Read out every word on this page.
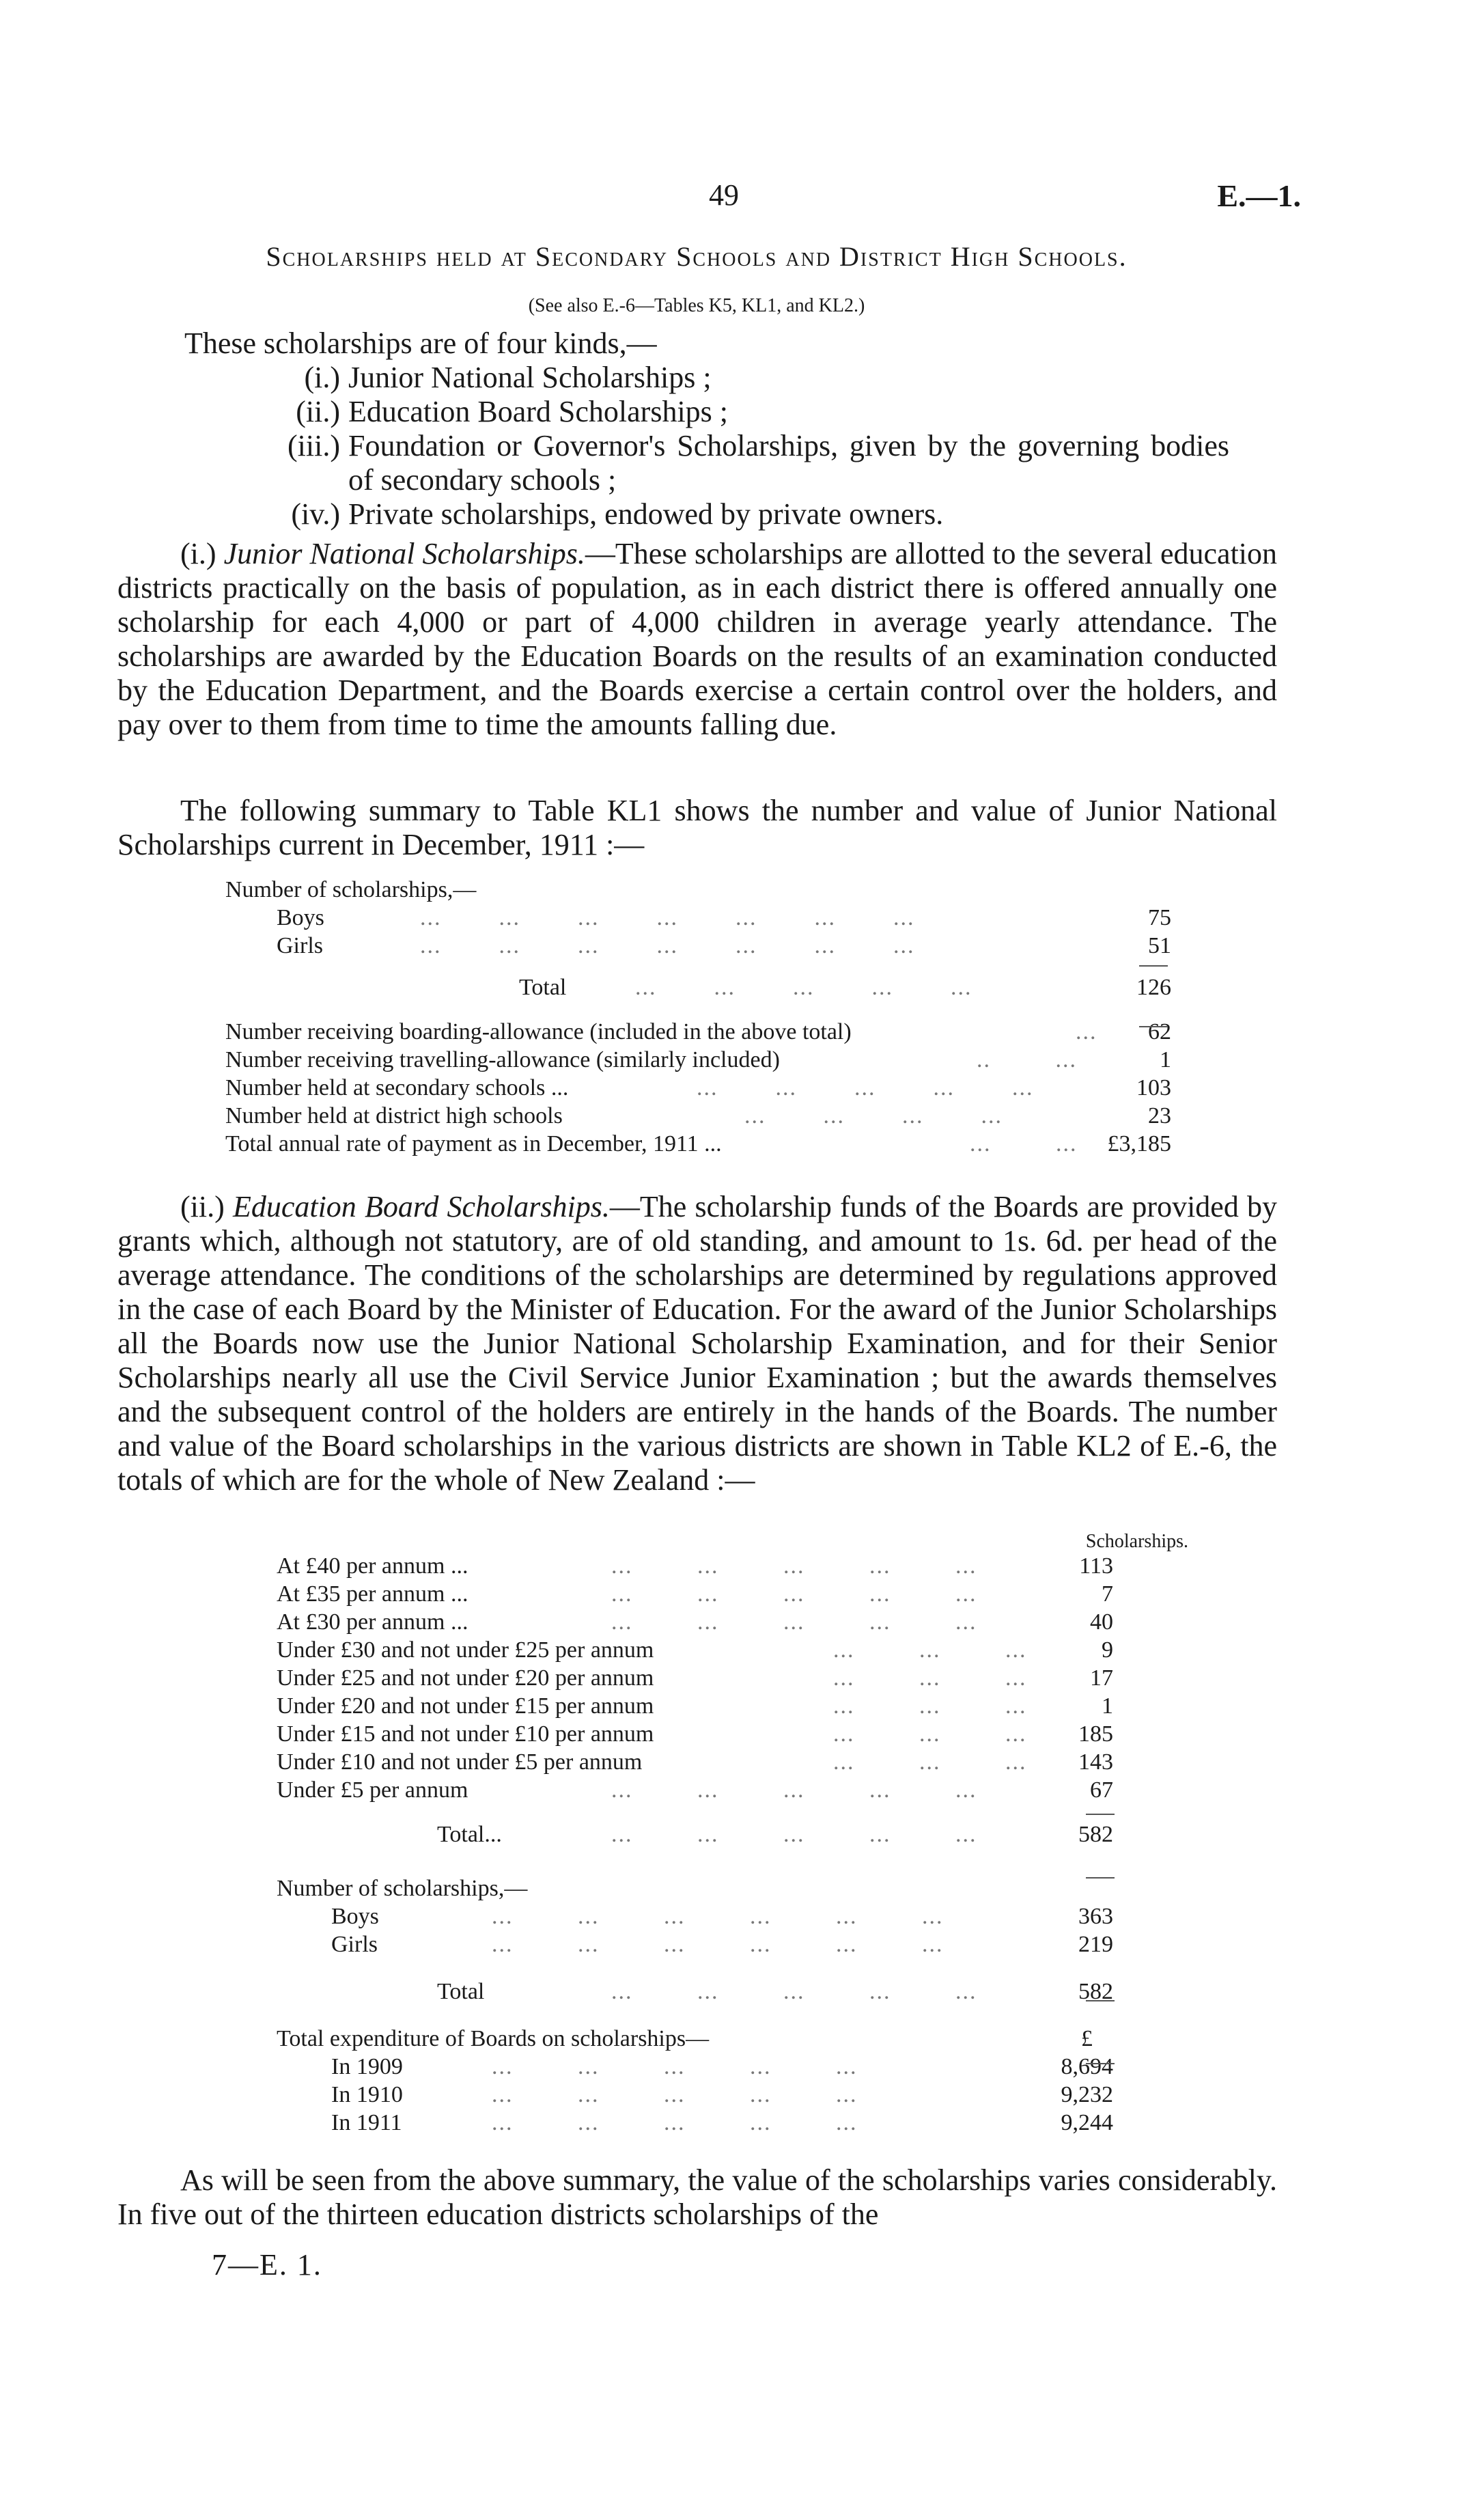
49	E.—1.
Scholarships held at Secondary Schools and District High Schools.
(See also E.-6—Tables K5, KL1, and KL2.)
These scholarships are of four kinds,—
(i.) Junior National Scholarships ;
(ii.) Education Board Scholarships ;
(iii.) Foundation or Governor's Scholarships, given by the governing bodies of secondary schools ;
(iv.) Private scholarships, endowed by private owners.
(i.) Junior National Scholarships.—These scholarships are allotted to the several education districts practically on the basis of population, as in each district there is offered annually one scholarship for each 4,000 or part of 4,000 children in average yearly attendance. The scholarships are awarded by the Education Boards on the results of an examination conducted by the Education Department, and the Boards exercise a certain control over the holders, and pay over to them from time to time the amounts falling due.
The following summary to Table KL1 shows the number and value of Junior National Scholarships current in December, 1911 :—
Number of scholarships,—
Boys	...        ...        ...        ...        ...        ...        ...	75
Girls	...        ...        ...        ...        ...        ...        ...	51
Total	...        ...        ...        ...        ...	126
Number receiving boarding-allowance (included in the above total)	... 62
Number receiving travelling-allowance (similarly included)	..         ...	1
Number held at secondary schools ...	...        ...        ...        ...        ...	103
Number held at district high schools	...        ...        ...        ...	23
Total annual rate of payment as in December, 1911 ...	...         ... £3,185
(ii.) Education Board Scholarships.—The scholarship funds of the Boards are provided by grants which, although not statutory, are of old standing, and amount to 1s. 6d. per head of the average attendance. The conditions of the scholarships are determined by regulations approved in the case of each Board by the Minister of Education. For the award of the Junior Scholarships all the Boards now use the Junior National Scholarship Examination, and for their Senior Scholarships nearly all use the Civil Service Junior Examination ; but the awards themselves and the subsequent control of the holders are entirely in the hands of the Boards. The number and value of the Board scholarships in the various districts are shown in Table KL2 of E.-6, the totals of which are for the whole of New Zealand :—
Scholarships.
At £40 per annum ...	...         ...         ...         ...         ...	113
At £35 per annum ...	...         ...         ...         ...         ...	7
At £30 per annum ...	...         ...         ...         ...         ...	40
Under £30 and not under £25 per annum	...         ...         ...	9
Under £25 and not under £20 per annum	...         ...         ...	17
Under £20 and not under £15 per annum	...         ...         ...	1
Under £15 and not under £10 per annum	...         ...         ... 185
Under £10 and not under £5 per annum	...         ...         ... 143
Under £5 per annum	...         ...         ...         ...         ...	67
Total...	...         ...         ...         ...         ...	582
Number of scholarships,—
Boys	...         ...         ...         ...         ...         ...	363
Girls	...         ...         ...         ...         ...         ...	219
Total	...         ...         ...         ...         ...	582
Total expenditure of Boards on scholarships—	£
In 1909	...         ...         ...         ...         ...	8,694
In 1910	...         ...         ...         ...         ...	9,232
In 1911	...         ...         ...         ...         ...	9,244
As will be seen from the above summary, the value of the scholarships varies considerably. In five out of the thirteen education districts scholarships of the
7—E. 1.
